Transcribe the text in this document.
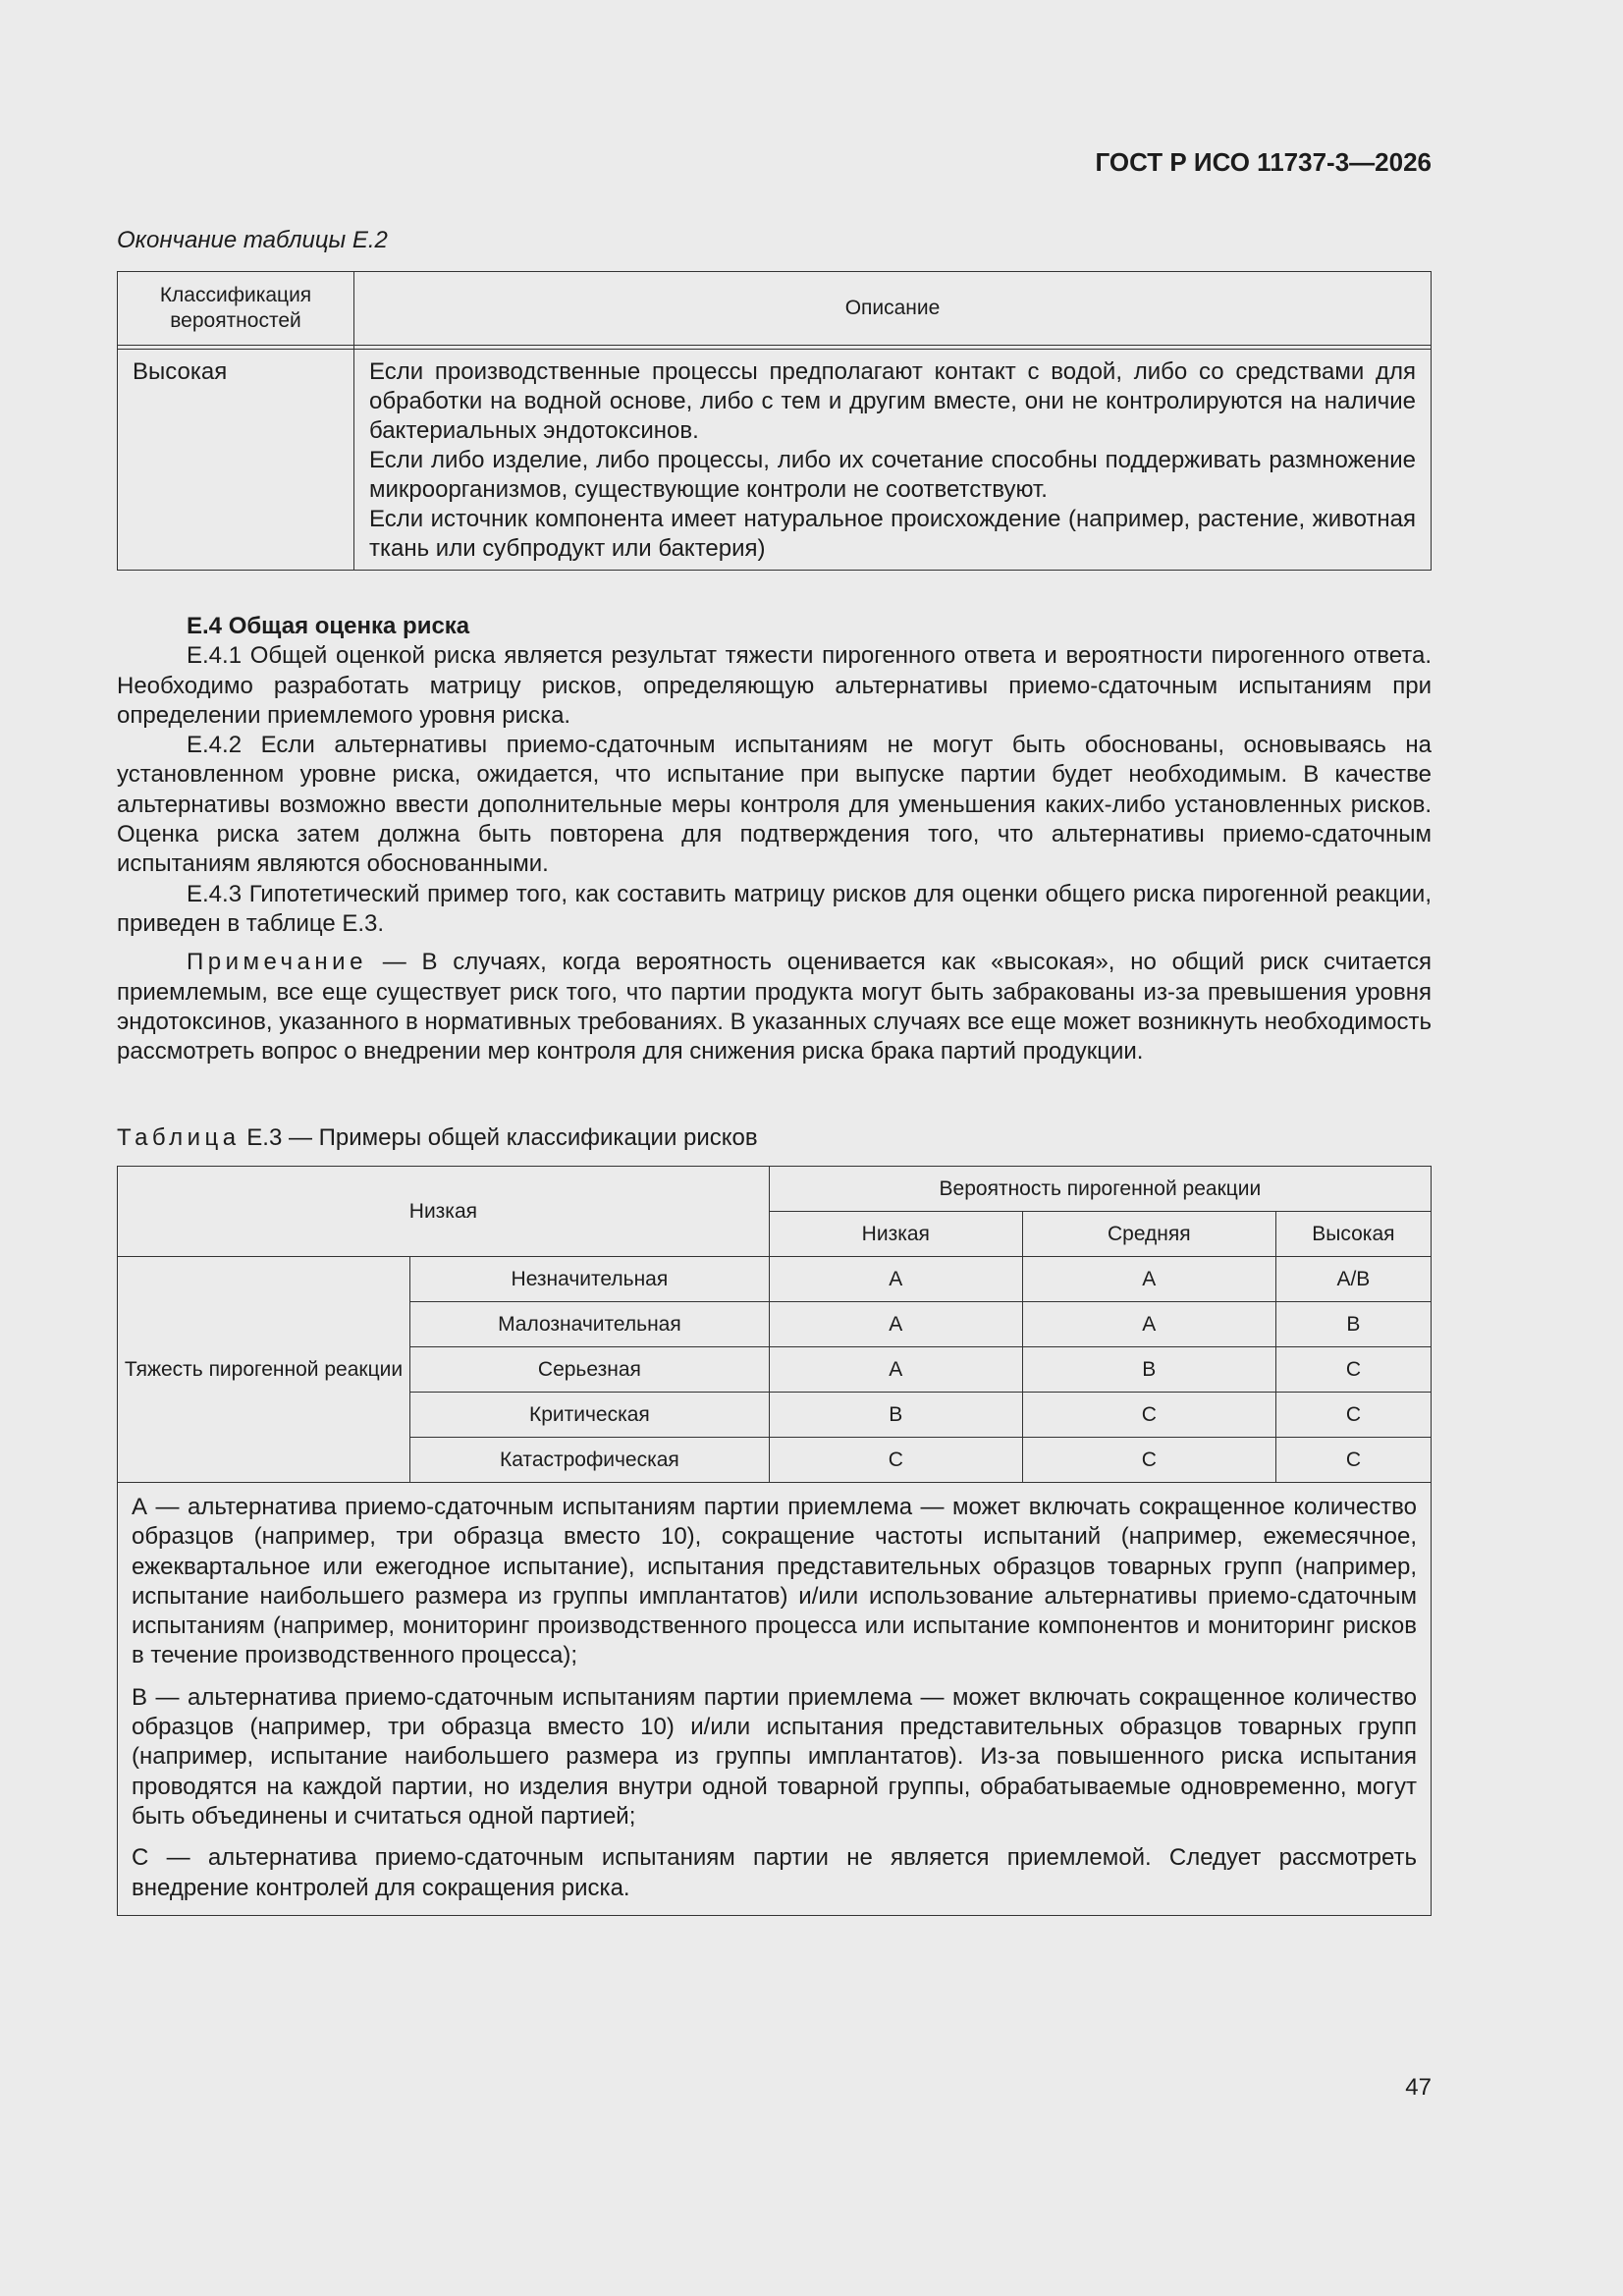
ГОСТ Р ИСО 11737-3—2026
Окончание таблицы Е.2
Классификация вероятностей	Описание

Высокая	Если производственные процессы предполагают контакт с водой, либо со средствами для обработки на водной основе, либо с тем и другим вместе, они не контролируются на наличие бактериальных эндотоксинов.

Если либо изделие, либо процессы, либо их сочетание способны поддерживать размножение микроорганизмов, существующие контроли не соответствуют.

Если источник компонента имеет натуральное происхождение (например, растение, животная ткань или субпродукт или бактерия)

Е.4 Общая оценка риска

Е.4.1 Общей оценкой риска является результат тяжести пирогенного ответа и вероятности пирогенного ответа. Необходимо разработать матрицу рисков, определяющую альтернативы приемо-сдаточным испытаниям при определении приемлемого уровня риска.

Е.4.2 Если альтернативы приемо-сдаточным испытаниям не могут быть обоснованы, основываясь на установленном уровне риска, ожидается, что испытание при выпуске партии будет необходимым. В качестве альтернативы возможно ввести дополнительные меры контроля для уменьшения каких-либо установленных рисков. Оценка риска затем должна быть повторена для подтверждения того, что альтернативы приемо-сдаточным испытаниям являются обоснованными.

Е.4.3 Гипотетический пример того, как составить матрицу рисков для оценки общего риска пирогенной реакции, приведен в таблице Е.3.

Примечание — В случаях, когда вероятность оценивается как «высокая», но общий риск считается приемлемым, все еще существует риск того, что партии продукта могут быть забракованы из-за превышения уровня эндотоксинов, указанного в нормативных требованиях. В указанных случаях все еще может возникнуть необходимость рассмотреть вопрос о внедрении мер контроля для снижения риска брака партий продукции.

Таблица Е.3 — Примеры общей классификации рисков
Низкая		Вероятность пирогенной реакции		
		Низкая	Средняя	Высокая
Тяжесть пирогенной реакции	Незначительная	A	A	A/B
	Малозначительная	A	A	B
	Серьезная	A	B	C
	Критическая	B	C	C
	Катастрофическая	C	C	C

А — альтернатива приемо-сдаточным испытаниям партии приемлема — может включать сокращенное количество образцов (например, три образца вместо 10), сокращение частоты испытаний (например, ежемесячное, ежеквартальное или ежегодное испытание), испытания представительных образцов товарных групп (например, испытание наибольшего размера из группы имплантатов) и/или использование альтернативы приемо-сдаточным испытаниям (например, мониторинг производственного процесса или испытание компонентов и мониторинг рисков в течение производственного процесса);

В — альтернатива приемо-сдаточным испытаниям партии приемлема — может включать сокращенное количество образцов (например, три образца вместо 10) и/или испытания представительных образцов товарных групп (например, испытание наибольшего размера из группы имплантатов). Из-за повышенного риска испытания проводятся на каждой партии, но изделия внутри одной товарной группы, обрабатываемые одновременно, могут быть объединены и считаться одной партией;

С — альтернатива приемо-сдаточным испытаниям партии не является приемлемой. Следует рассмотреть внедрение контролей для сокращения риска.				

47
